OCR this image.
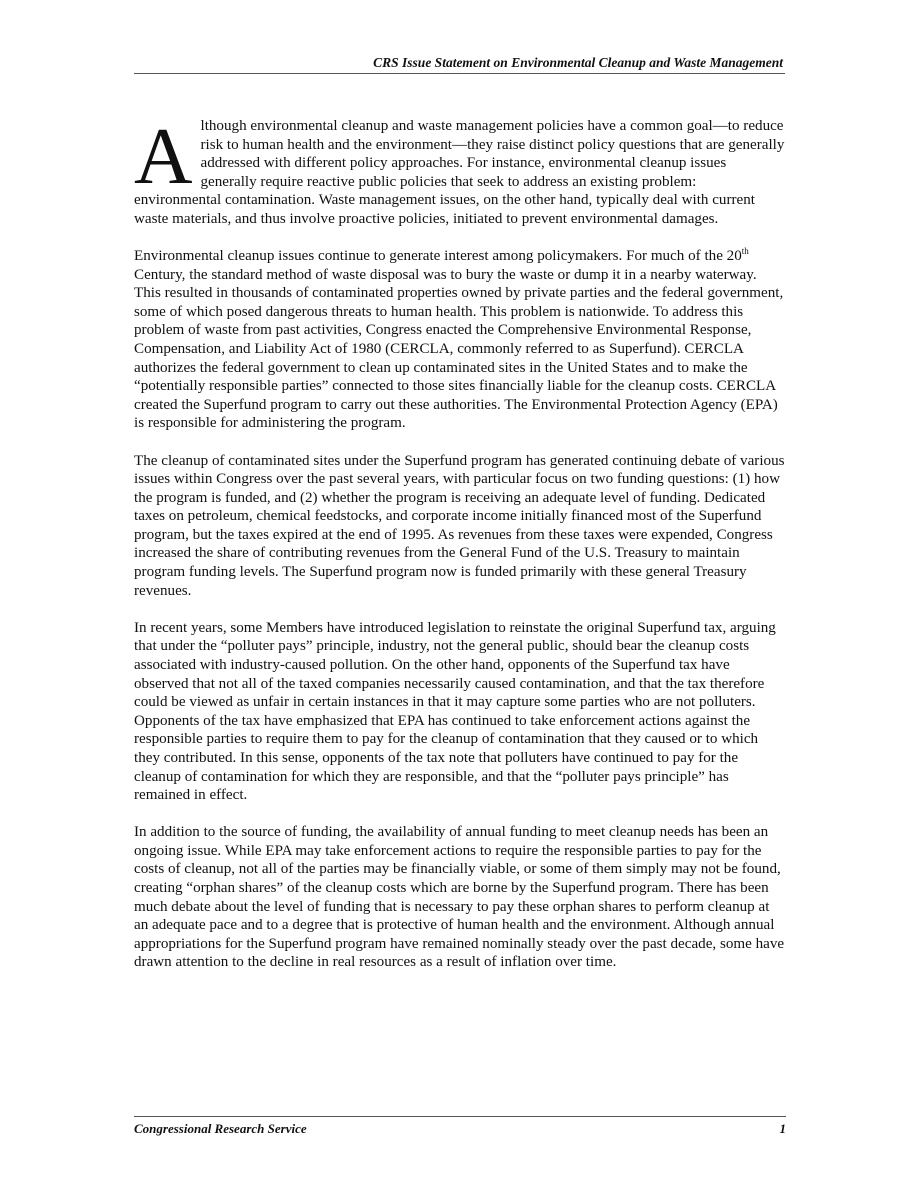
CRS Issue Statement on Environmental Cleanup and Waste Management

Although environmental cleanup and waste management policies have a common goal—to reduce risk to human health and the environment—they raise distinct policy questions that are generally addressed with different policy approaches. For instance, environmental cleanup issues generally require reactive public policies that seek to address an existing problem: environmental contamination. Waste management issues, on the other hand, typically deal with current waste materials, and thus involve proactive policies, initiated to prevent environmental damages.

Environmental cleanup issues continue to generate interest among policymakers. For much of the 20th Century, the standard method of waste disposal was to bury the waste or dump it in a nearby waterway. This resulted in thousands of contaminated properties owned by private parties and the federal government, some of which posed dangerous threats to human health. This problem is nationwide. To address this problem of waste from past activities, Congress enacted the Comprehensive Environmental Response, Compensation, and Liability Act of 1980 (CERCLA, commonly referred to as Superfund). CERCLA authorizes the federal government to clean up contaminated sites in the United States and to make the “potentially responsible parties” connected to those sites financially liable for the cleanup costs. CERCLA created the Superfund program to carry out these authorities. The Environmental Protection Agency (EPA) is responsible for administering the program.

The cleanup of contaminated sites under the Superfund program has generated continuing debate of various issues within Congress over the past several years, with particular focus on two funding questions: (1) how the program is funded, and (2) whether the program is receiving an adequate level of funding. Dedicated taxes on petroleum, chemical feedstocks, and corporate income initially financed most of the Superfund program, but the taxes expired at the end of 1995. As revenues from these taxes were expended, Congress increased the share of contributing revenues from the General Fund of the U.S. Treasury to maintain program funding levels. The Superfund program now is funded primarily with these general Treasury revenues.

In recent years, some Members have introduced legislation to reinstate the original Superfund tax, arguing that under the “polluter pays” principle, industry, not the general public, should bear the cleanup costs associated with industry-caused pollution. On the other hand, opponents of the Superfund tax have observed that not all of the taxed companies necessarily caused contamination, and that the tax therefore could be viewed as unfair in certain instances in that it may capture some parties who are not polluters. Opponents of the tax have emphasized that EPA has continued to take enforcement actions against the responsible parties to require them to pay for the cleanup of contamination that they caused or to which they contributed. In this sense, opponents of the tax note that polluters have continued to pay for the cleanup of contamination for which they are responsible, and that the “polluter pays principle” has remained in effect.

In addition to the source of funding, the availability of annual funding to meet cleanup needs has been an ongoing issue. While EPA may take enforcement actions to require the responsible parties to pay for the costs of cleanup, not all of the parties may be financially viable, or some of them simply may not be found, creating “orphan shares” of the cleanup costs which are borne by the Superfund program. There has been much debate about the level of funding that is necessary to pay these orphan shares to perform cleanup at an adequate pace and to a degree that is protective of human health and the environment. Although annual appropriations for the Superfund program have remained nominally steady over the past decade, some have drawn attention to the decline in real resources as a result of inflation over time.

Congressional Research Service	1
